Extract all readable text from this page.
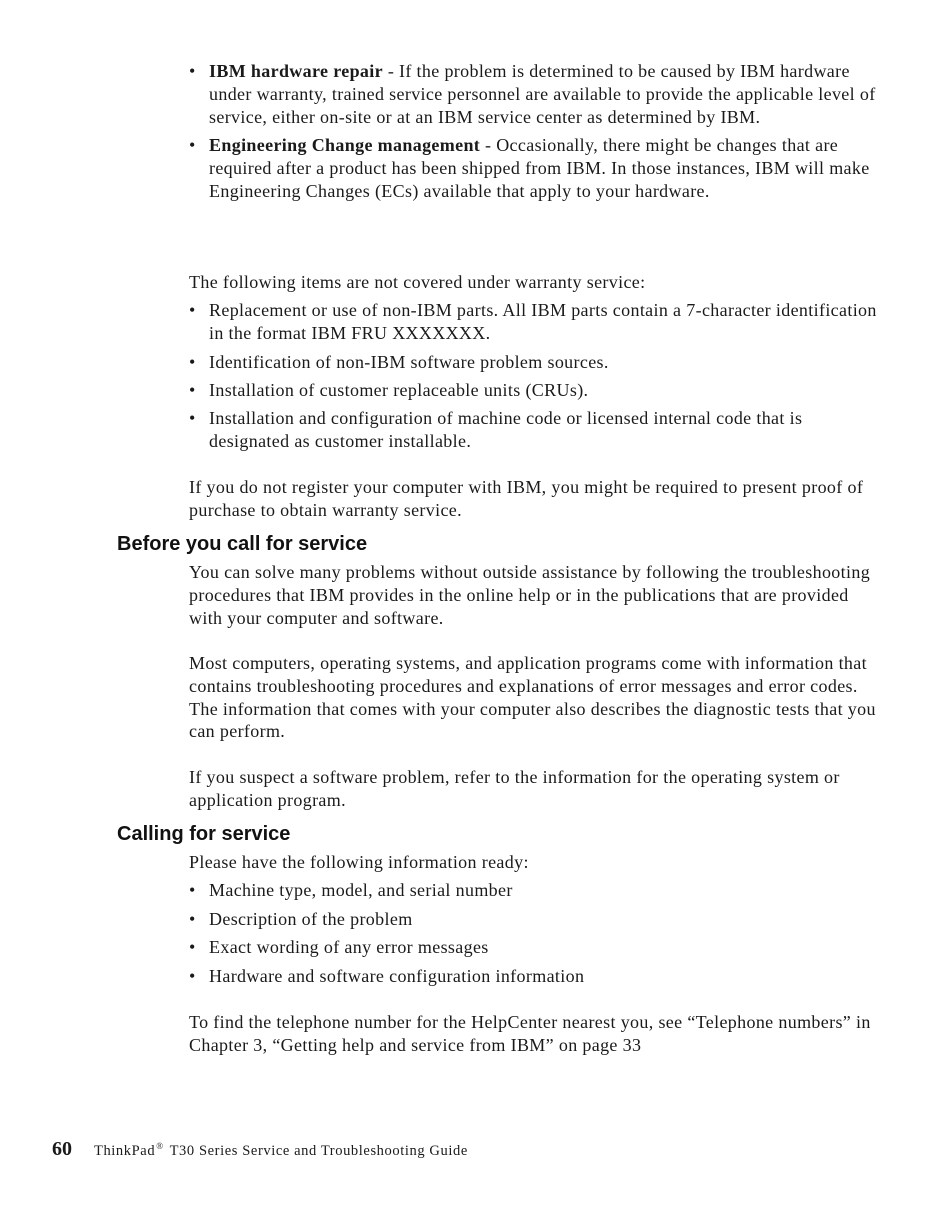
• IBM hardware repair - If the problem is determined to be caused by IBM hardware under warranty, trained service personnel are available to provide the applicable level of service, either on-site or at an IBM service center as determined by IBM.
• Engineering Change management - Occasionally, there might be changes that are required after a product has been shipped from IBM. In those instances, IBM will make Engineering Changes (ECs) available that apply to your hardware.

The following items are not covered under warranty service:

• Replacement or use of non-IBM parts. All IBM parts contain a 7-character identification in the format IBM FRU XXXXXXX.
• Identification of non-IBM software problem sources.
• Installation of customer replaceable units (CRUs).
• Installation and configuration of machine code or licensed internal code that is designated as customer installable.

If you do not register your computer with IBM, you might be required to present proof of purchase to obtain warranty service.

Before you call for service

You can solve many problems without outside assistance by following the troubleshooting procedures that IBM provides in the online help or in the publications that are provided with your computer and software.

Most computers, operating systems, and application programs come with information that contains troubleshooting procedures and explanations of error messages and error codes. The information that comes with your computer also describes the diagnostic tests that you can perform.

If you suspect a software problem, refer to the information for the operating system or application program.

Calling for service

Please have the following information ready:

• Machine type, model, and serial number
• Description of the problem
• Exact wording of any error messages
• Hardware and software configuration information

To find the telephone number for the HelpCenter nearest you, see “Telephone numbers” in Chapter 3, “Getting help and service from IBM” on page 33

60 ThinkPad® T30 Series Service and Troubleshooting Guide
